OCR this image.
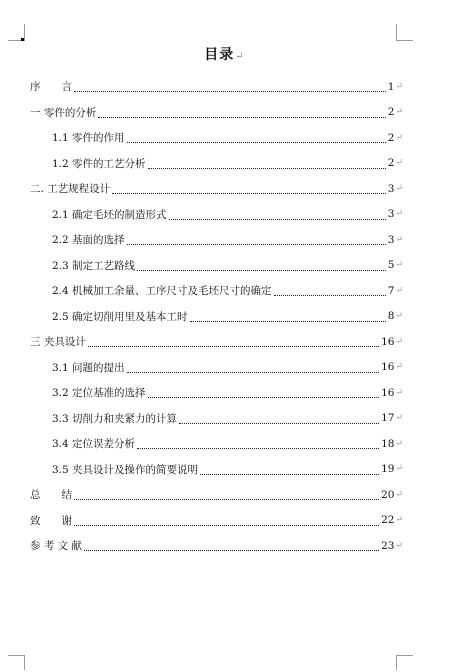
目录↵
序　　言	1 ↵
一 零件的分析	2 ↵
1.1 零件的作用	2 ↵
1.2 零件的工艺分析	2 ↵
二. 工艺规程设计	3 ↵
2.1 确定毛坯的制造形式	3 ↵
2.2 基面的选择	3 ↵
2.3 制定工艺路线	5 ↵
2.4 机械加工余量、工序尺寸及毛坯尺寸的确定	7 ↵
2.5 确定切削用里及基本工时	8 ↵
三 夹具设计	16 ↵
3.1 问题的提出	16 ↵
3.2 定位基准的选择	16 ↵
3.3 切削力和夹紧力的计算	17 ↵
3.4 定位误差分析	18 ↵
3.5 夹具设计及操作的简要说明	19 ↵
总　　结	20 ↵
致　　谢	22 ↵
参 考 文 献	23 ↵
